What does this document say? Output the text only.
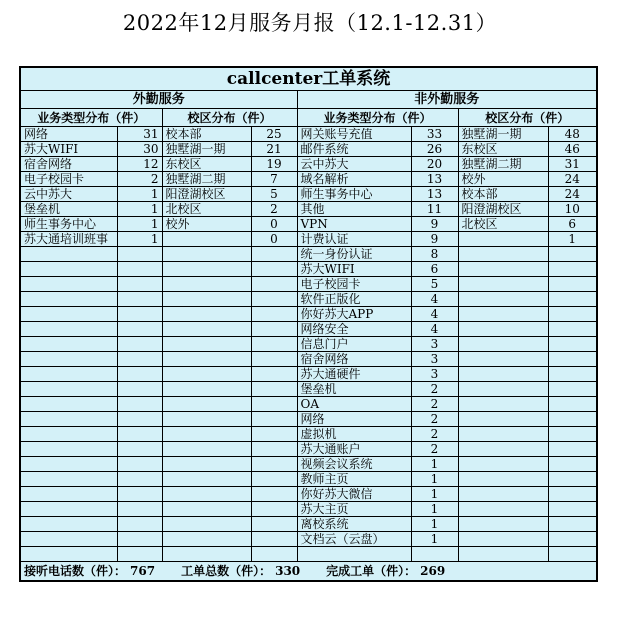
2022年12月服务月报（12.1-12.31）
callcenter工单系统							
外勤服务				非外勤服务			
业务类型分布（件）		校区分布（件）		业务类型分布（件）		校区分布（件）	
网络	31	校本部	25	网关账号充值	33	独墅湖一期	48
苏大WIFI	30	独墅湖一期	21	邮件系统	26	东校区	46
宿舍网络	12	东校区	19	云中苏大	20	独墅湖二期	31
电子校园卡	2	独墅湖二期	7	域名解析	13	校外	24
云中苏大	1	阳澄湖校区	5	师生事务中心	13	校本部	24
堡垒机	1	北校区	2	其他	11	阳澄湖校区	10
师生事务中心	1	校外	0	VPN	9	北校区	6
苏大通培训班事	1		0	计费认证	9		1
				统一身份认证	8		
				苏大WIFI	6		
				电子校园卡	5		
				软件正版化	4		
				你好苏大APP	4		
				网络安全	4		
				信息门户	3		
				宿舍网络	3		
				苏大通硬件	3		
				堡垒机	2		
				OA	2		
				网络	2		
				虚拟机	2		
				苏大通账户	2		
				视频会议系统	1		
				教师主页	1		
				你好苏大微信	1		
				苏大主页	1		
				离校系统	1		
				文档云（云盘）	1		

接听电话数（件）： 767 工单总数（件）： 330 完成工单（件）： 269							
